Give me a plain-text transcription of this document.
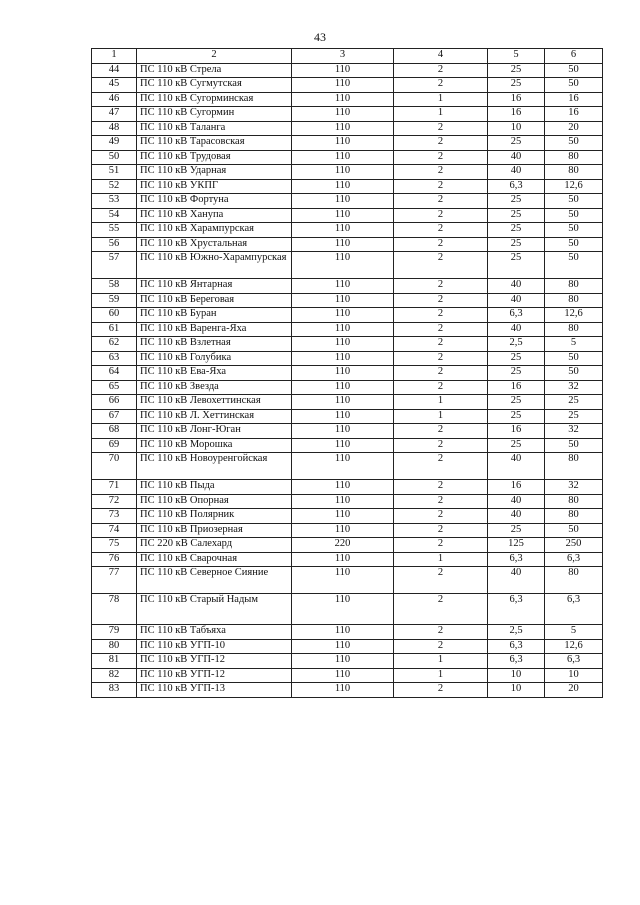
43
1	2	3	4	5	6
44	ПС 110 кВ Стрела	110	2	25	50
45	ПС 110 кВ Сугмутская	110	2	25	50
46	ПС 110 кВ Сугорминская	110	1	16	16
47	ПС 110 кВ Сугормин	110	1	16	16
48	ПС 110 кВ Таланга	110	2	10	20
49	ПС 110 кВ Тарасовская	110	2	25	50
50	ПС 110 кВ Трудовая	110	2	40	80
51	ПС 110 кВ Ударная	110	2	40	80
52	ПС 110 кВ УКПГ	110	2	6,3	12,6
53	ПС 110 кВ Фортуна	110	2	25	50
54	ПС 110 кВ Ханупа	110	2	25	50
55	ПС 110 кВ Харампурская	110	2	25	50
56	ПС 110 кВ Хрустальная	110	2	25	50
57	ПС 110 кВ Южно-Харампурская	110	2	25	50
58	ПС 110 кВ Янтарная	110	2	40	80
59	ПС 110 кВ Береговая	110	2	40	80
60	ПС 110 кВ Буран	110	2	6,3	12,6
61	ПС 110 кВ Варенга-Яха	110	2	40	80
62	ПС 110 кВ Взлетная	110	2	2,5	5
63	ПС 110 кВ Голубика	110	2	25	50
64	ПС 110 кВ Ева-Яха	110	2	25	50
65	ПС 110 кВ Звезда	110	2	16	32
66	ПС 110 кВ Левохеттинская	110	1	25	25
67	ПС 110 кВ Л. Хеттинская	110	1	25	25
68	ПС 110 кВ Лонг-Юган	110	2	16	32
69	ПС 110 кВ Морошка	110	2	25	50
70	ПС 110 кВ Новоуренгойская	110	2	40	80
71	ПС 110 кВ Пыда	110	2	16	32
72	ПС 110 кВ Опорная	110	2	40	80
73	ПС 110 кВ Полярник	110	2	40	80
74	ПС 110 кВ Приозерная	110	2	25	50
75	ПС 220 кВ Салехард	220	2	125	250
76	ПС 110 кВ Сварочная	110	1	6,3	6,3
77	ПС 110 кВ Северное Сияние	110	2	40	80
78	ПС 110 кВ Старый Надым	110	2	6,3	6,3
79	ПС 110 кВ Табъяха	110	2	2,5	5
80	ПС 110 кВ УГП-10	110	2	6,3	12,6
81	ПС 110 кВ УГП-12	110	1	6,3	6,3
82	ПС 110 кВ УГП-12	110	1	10	10
83	ПС 110 кВ УГП-13	110	2	10	20
